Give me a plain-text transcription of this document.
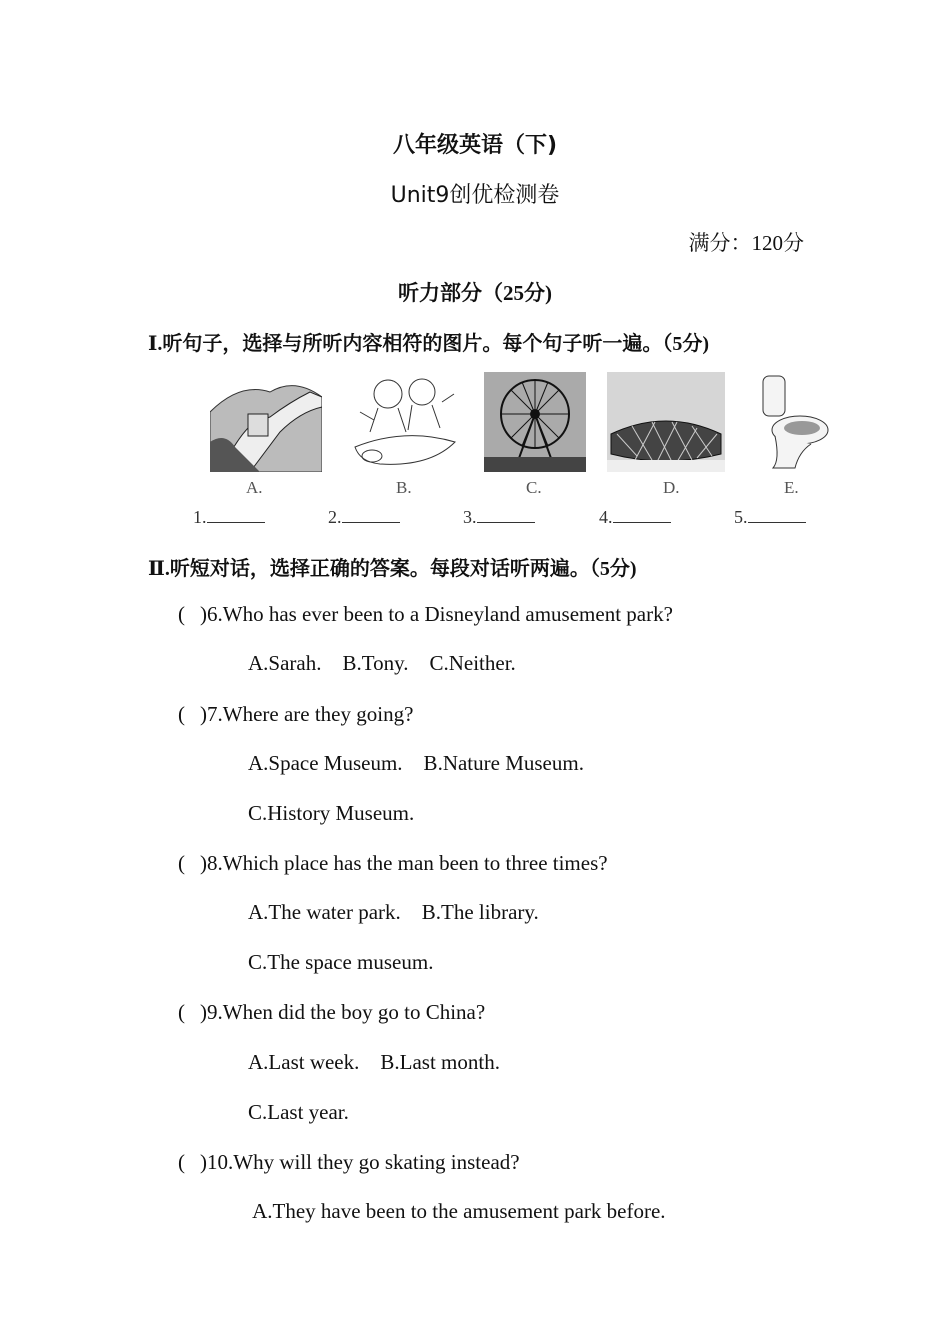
八年级英语（下)
Unit9创优检测卷
满分：120分
听力部分（25分)
Ⅰ.听句子，选择与所听内容相符的图片。每个句子听一遍。（5分)
A.	B.	C.	D.	E.
1.	2.	3.	4.	5.
Ⅱ.听短对话，选择正确的答案。每段对话听两遍。（5分)
( )6.Who has ever been to a Disneyland amusement park?
A.Sarah.    B.Tony.    C.Neither.
( )7.Where are they going?
A.Space Museum.    B.Nature Museum.
C.History Museum.
( )8.Which place has the man been to three times?
A.The water park.    B.The library.
C.The space museum.
( )9.When did the boy go to China?
A.Last week.    B.Last month.
C.Last year.
( )10.Why will they go skating instead?
A.They have been to the amusement park before.
